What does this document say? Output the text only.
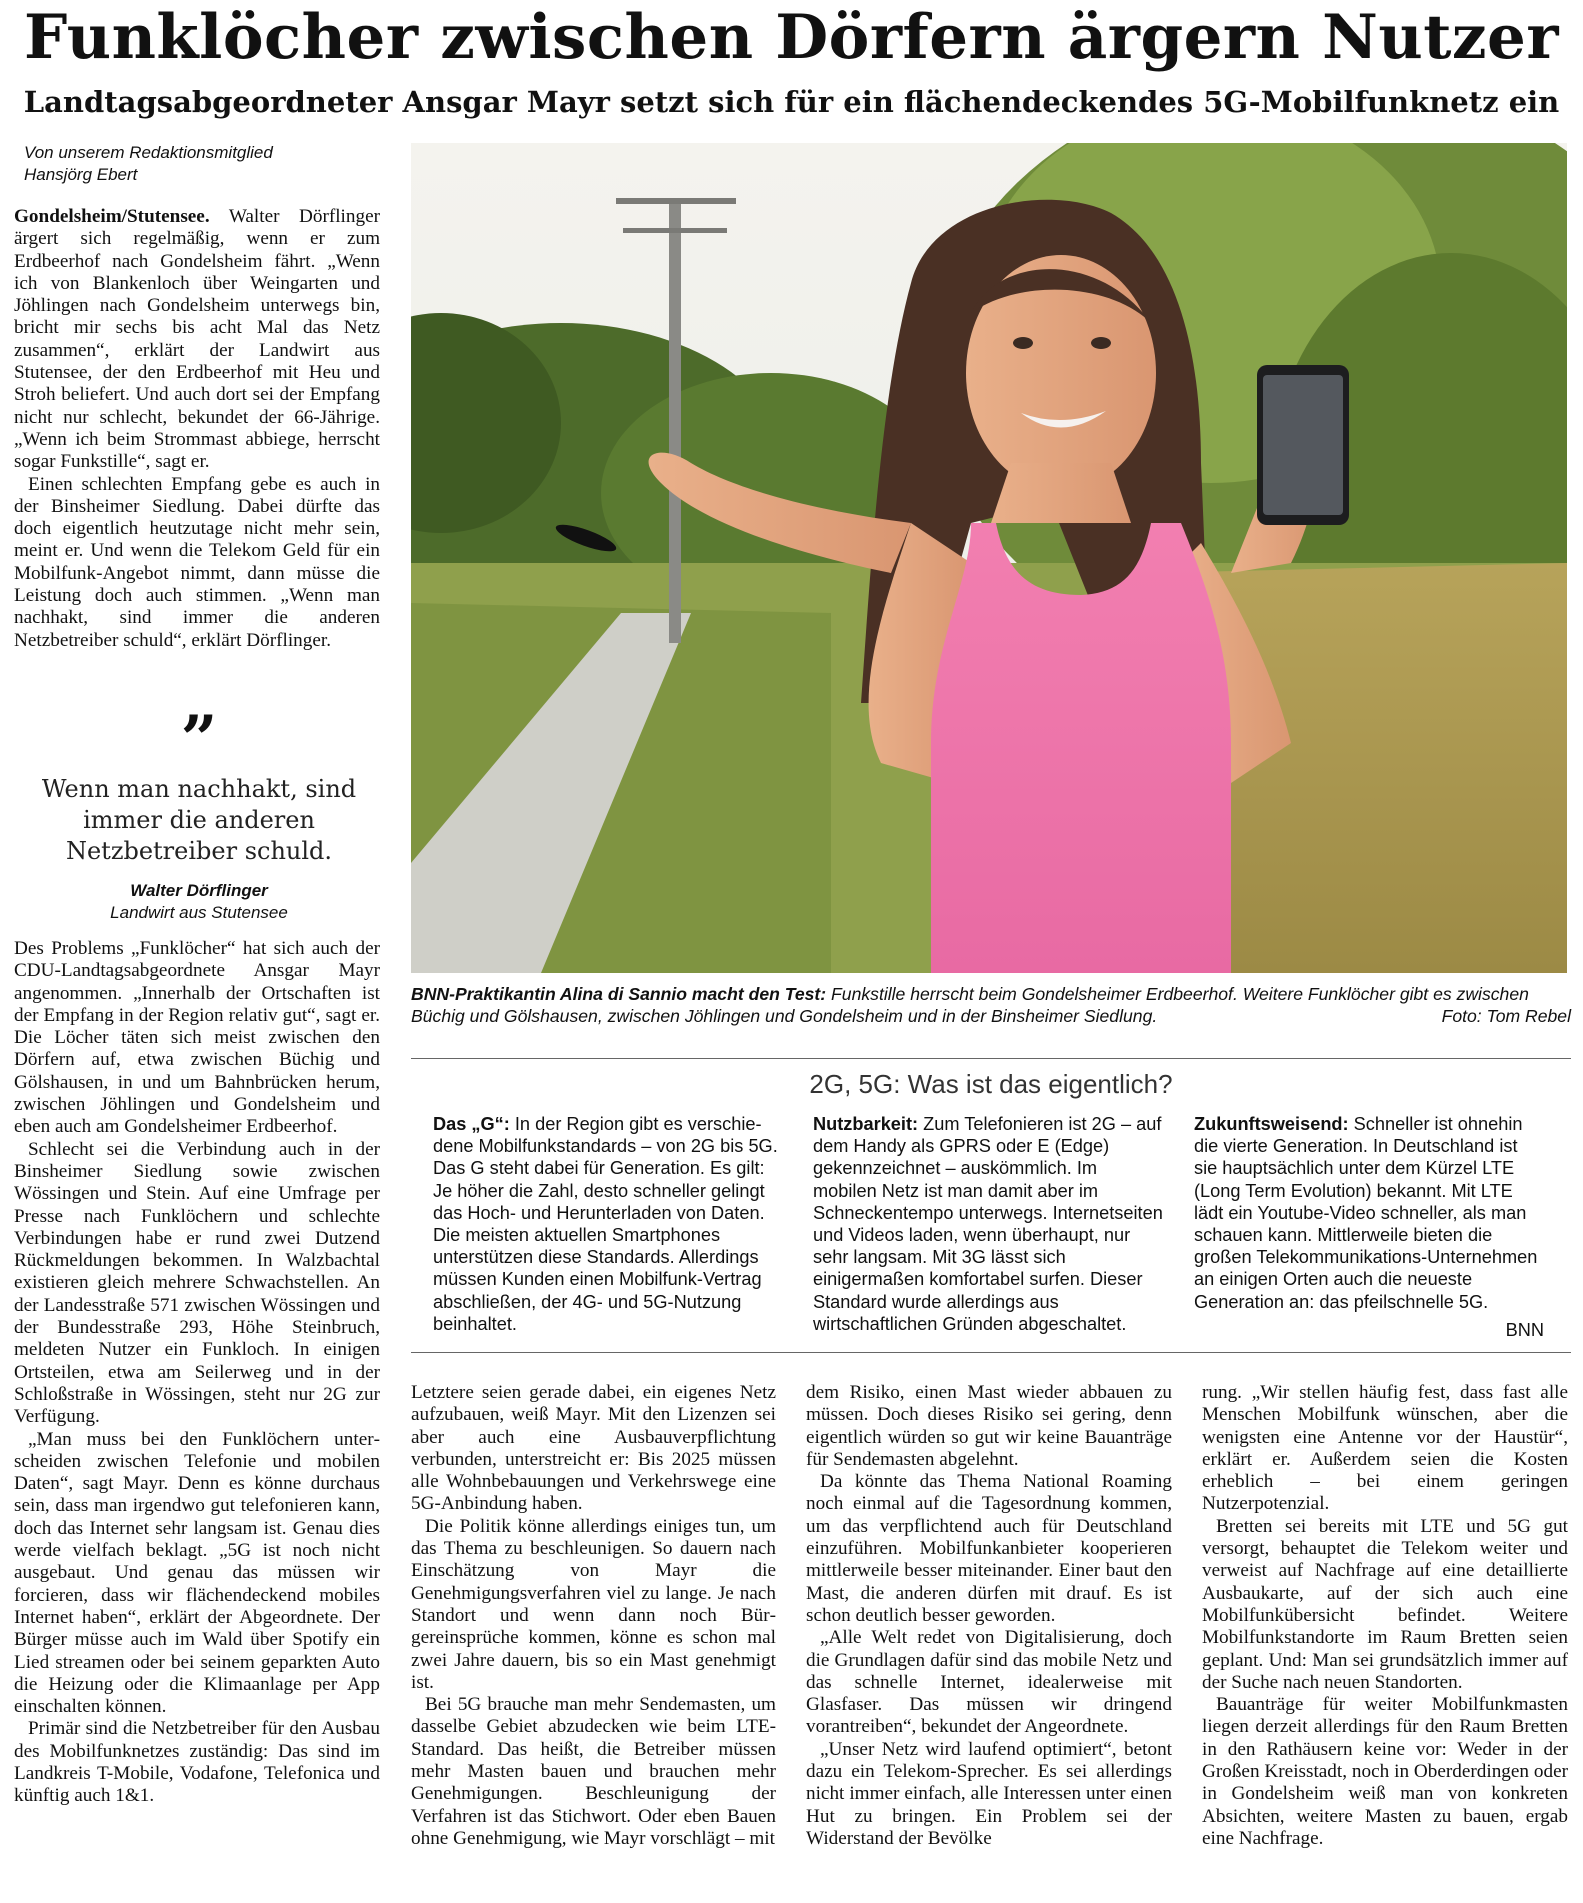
Funklöcher zwischen Dörfern ärgern Nutzer
Landtagsabgeordneter Ansgar Mayr setzt sich für ein flächendeckendes 5G-Mobilfunknetz ein
Von unserem Redaktionsmitglied
Hansjörg Ebert

Gondelsheim/Stutensee. Walter Dörflinger ärgert sich regelmäßig, wenn er zum Erdbeerhof nach Gondelsheim fährt. „Wenn ich von Blankenloch über Weingarten und Jöhlingen nach Gondelsheim unterwegs bin, bricht mir sechs bis acht Mal das Netz zusammen“, erklärt der Landwirt aus Stutensee, der den Erdbeerhof mit Heu und Stroh beliefert. Und auch dort sei der Empfang nicht nur schlecht, bekundet der 66-Jährige. „Wenn ich beim Strommast abbiege, herrscht sogar Funkstille“, sagt er.

Einen schlechten Empfang gebe es auch in der Binsheimer Siedlung. Dabei dürfte das doch eigentlich heutzutage nicht mehr sein, meint er. Und wenn die Telekom Geld für ein Mobilfunk-Angebot nimmt, dann müsse die Leistung doch auch stimmen. „Wenn man nachhakt, sind immer die anderen Netzbetreiber schuld“, erklärt Dörflinger.

”
Wenn man nachhakt, sind immer die anderen Netzbetreiber schuld.
Walter Dörflinger
Landwirt aus Stutensee

Des Problems „Funklöcher“ hat sich auch der CDU-Landtagsabgeordnete Ansgar Mayr angenommen. „Innerhalb der Ortschaften ist der Empfang in der Region relativ gut“, sagt er. Die Löcher täten sich meist zwischen den Dörfern auf, etwa zwischen Büchig und Gölshausen, in und um Bahnbrücken herum, zwischen Jöhlingen und Gondelsheim und eben auch am Gondelsheimer Erdbeerhof.

Schlecht sei die Verbindung auch in der Binsheimer Siedlung sowie zwischen Wössingen und Stein. Auf eine Umfrage per Presse nach Funklöchern und schlechte Verbindungen habe er rund zwei Dutzend Rückmeldungen bekommen. In Walzbachtal existieren gleich mehrere Schwachstellen. An der Landesstraße 571 zwischen Wössingen und der Bundesstraße 293, Höhe Steinbruch, meldeten Nutzer ein Funkloch. In einigen Ortsteilen, etwa am Seilerweg und in der Schloßstraße in Wössingen, steht nur 2G zur Verfügung.

„Man muss bei den Funklöchern unterscheiden zwischen Telefonie und mobilen Daten“, sagt Mayr. Denn es könne durchaus sein, dass man irgendwo gut telefonieren kann, doch das Internet sehr langsam ist. Genau dies werde vielfach beklagt. „5G ist noch nicht ausgebaut. Und genau das müssen wir forcieren, dass wir flächendeckend mobiles Internet haben“, erklärt der Abgeordnete. Der Bürger müsse auch im Wald über Spotify ein Lied streamen oder bei seinem geparkten Auto die Heizung oder die Klimaanlage per App einschalten können.

Primär sind die Netzbetreiber für den Ausbau des Mobilfunknetzes zuständig: Das sind im Landkreis T-Mobile, Vodafone, Telefonica und künftig auch 1&1.

BNN-Praktikantin Alina di Sannio macht den Test: Funkstille herrscht beim Gondelsheimer Erdbeerhof. Weitere Funklöcher gibt es zwischen Büchig und Gölshausen, zwischen Jöhlingen und Gondelsheim und in der Binsheimer Siedlung.	Foto: Tom Rebel
2G, 5G: Was ist das eigentlich?
Das „G“: In der Region gibt es verschiedene Mobilfunkstandards – von 2G bis 5G. Das G steht dabei für Generation. Es gilt: Je höher die Zahl, desto schneller gelingt das Hoch- und Herunterladen von Daten. Die meisten aktuellen Smartphones unterstützen diese Standards. Allerdings müssen Kunden einen Mobilfunk-Vertrag abschließen, der 4G- und 5G-Nutzung beinhaltet.
Nutzbarkeit: Zum Telefonieren ist 2G – auf dem Handy als GPRS oder E (Edge) gekennzeichnet – auskömmlich. Im mobilen Netz ist man damit aber im Schneckentempo unterwegs. Internetseiten und Videos laden, wenn überhaupt, nur sehr langsam. Mit 3G lässt sich einigermaßen komfortabel surfen. Dieser Standard wurde allerdings aus wirtschaftlichen Gründen abgeschaltet.
Zukunftsweisend: Schneller ist ohnehin die vierte Generation. In Deutschland ist sie hauptsächlich unter dem Kürzel LTE (Long Term Evolution) bekannt. Mit LTE lädt ein Youtube-Video schneller, als man schauen kann. Mittlerweile bieten die großen Telekommunikations-Unternehmen an einigen Orten auch die neueste Generation an: das pfeilschnelle 5G.
BNN

Letztere seien gerade dabei, ein eigenes Netz aufzubauen, weiß Mayr. Mit den Lizenzen sei aber auch eine Ausbauverpflichtung verbunden, unterstreicht er: Bis 2025 müssen alle Wohnbebauungen und Verkehrswege eine 5G-Anbindung haben.

Die Politik könne allerdings einiges tun, um das Thema zu beschleunigen. So dauern nach Einschätzung von Mayr die Genehmigungsverfahren viel zu lange. Je nach Standort und wenn dann noch Bürgereinsprüche kommen, könne es schon mal zwei Jahre dauern, bis so ein Mast genehmigt ist.

Bei 5G brauche man mehr Sendemasten, um dasselbe Gebiet abzudecken wie beim LTE-Standard. Das heißt, die Betreiber müssen mehr Masten bauen und brauchen mehr Genehmigungen. Beschleunigung der Verfahren ist das Stichwort. Oder eben Bauen ohne Genehmigung, wie Mayr vorschlägt – mit

dem Risiko, einen Mast wieder abbauen zu müssen. Doch dieses Risiko sei gering, denn eigentlich würden so gut wir keine Bauanträge für Sendemasten abgelehnt.

Da könnte das Thema National Roaming noch einmal auf die Tagesordnung kommen, um das verpflichtend auch für Deutschland einzuführen. Mobilfunkanbieter kooperieren mittlerweile besser miteinander. Einer baut den Mast, die anderen dürfen mit drauf. Es ist schon deutlich besser geworden.

„Alle Welt redet von Digitalisierung, doch die Grundlagen dafür sind das mobile Netz und das schnelle Internet, idealerweise mit Glasfaser. Das müssen wir dringend vorantreiben“, bekundet der Angeordnete.

„Unser Netz wird laufend optimiert“, betont dazu ein Telekom-Sprecher. Es sei allerdings nicht immer einfach, alle Interessen unter einen Hut zu bringen. Ein Problem sei der Widerstand der Bevölke

rung. „Wir stellen häufig fest, dass fast alle Menschen Mobilfunk wünschen, aber die wenigsten eine Antenne vor der Haustür“, erklärt er. Außerdem seien die Kosten erheblich – bei einem geringen Nutzerpotenzial.

Bretten sei bereits mit LTE und 5G gut versorgt, behauptet die Telekom weiter und verweist auf Nachfrage auf eine detaillierte Ausbaukarte, auf der sich auch eine Mobilfunkübersicht befindet. Weitere Mobilfunkstandorte im Raum Bretten seien geplant. Und: Man sei grundsätzlich immer auf der Suche nach neuen Standorten.

Bauanträge für weiter Mobilfunkmasten liegen derzeit allerdings für den Raum Bretten in den Rathäusern keine vor: Weder in der Großen Kreisstadt, noch in Oberderdingen oder in Gondelsheim weiß man von konkreten Absichten, weitere Masten zu bauen, ergab eine Nachfrage.
